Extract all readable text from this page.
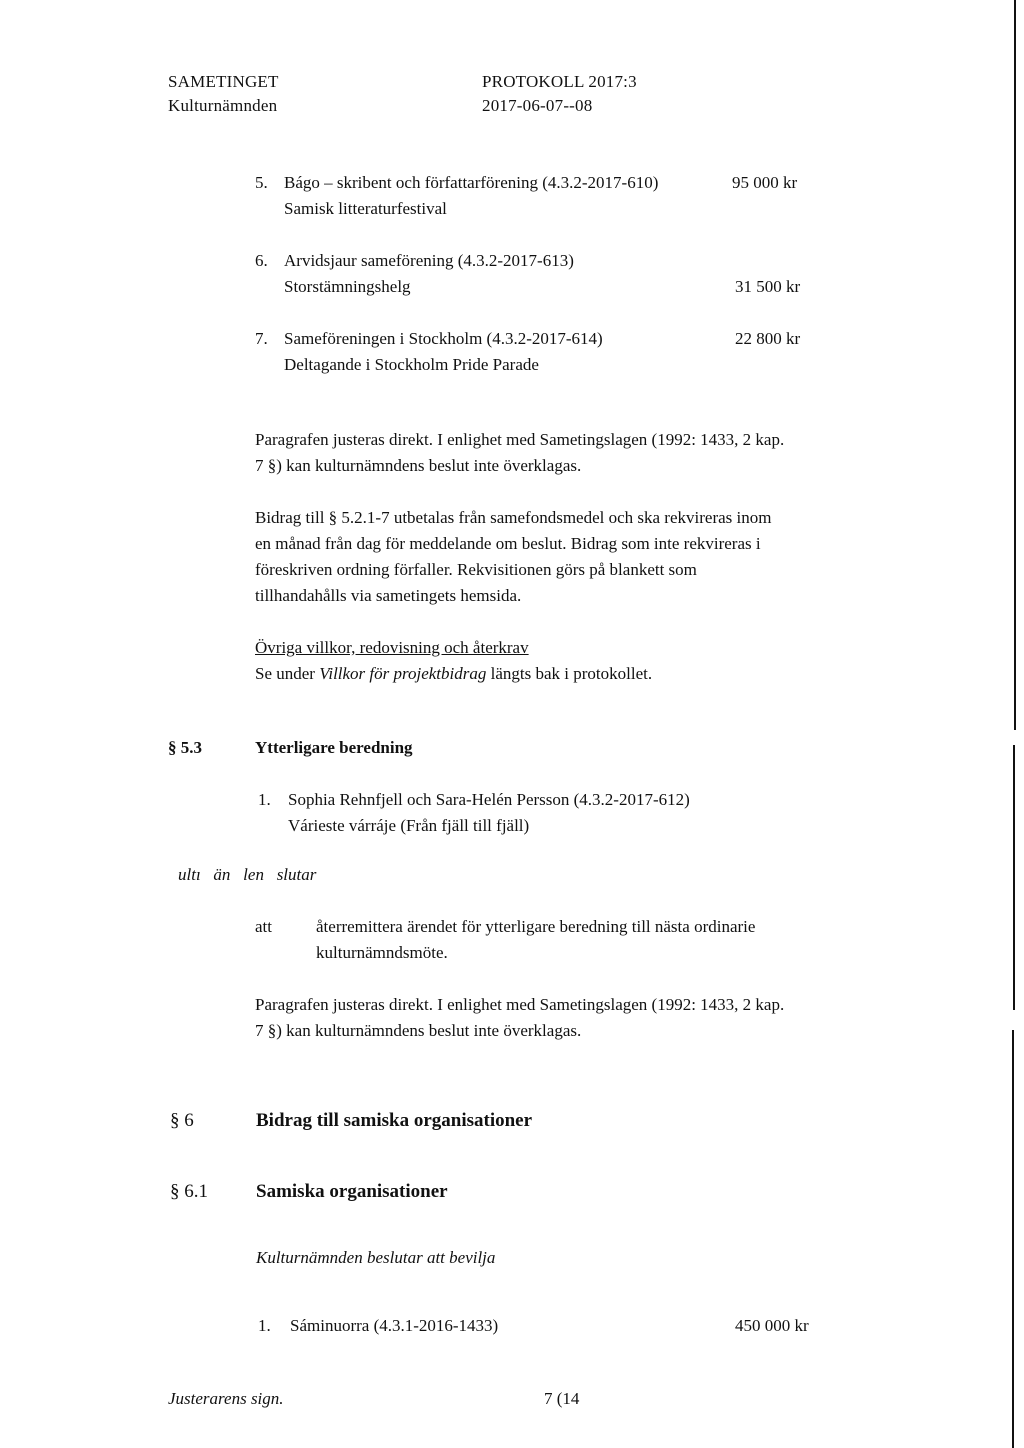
SAMETINGET
Kulturnämnden
PROTOKOLL 2017:3
2017-06-07--08
5. Bágo – skribent och författarförening (4.3.2-2017-610)	95 000 kr
Samisk litteraturfestival
6. Arvidsjaur sameförening (4.3.2-2017-613)
Storstämningshelg	31 500 kr
7. Sameföreningen i Stockholm (4.3.2-2017-614)	22 800 kr
Deltagande i Stockholm Pride Parade
Paragrafen justeras direkt. I enlighet med Sametingslagen (1992: 1433, 2 kap.
7 §) kan kulturnämndens beslut inte överklagas.
Bidrag till § 5.2.1-7 utbetalas från samefondsmedel och ska rekvireras inom
en månad från dag för meddelande om beslut. Bidrag som inte rekvireras i
föreskriven ordning förfaller. Rekvisitionen görs på blankett som
tillhandahålls via sametingets hemsida.
Övriga villkor, redovisning och återkrav
Se under Villkor för projektbidrag längts bak i protokollet.
§ 5.3	Ytterligare beredning
1. Sophia Rehnfjell och Sara-Helén Persson (4.3.2-2017-612)
Várieste várráje (Från fjäll till fjäll)
ultı   än   len   slutar
att	återremittera ärendet för ytterligare beredning till nästa ordinarie
kulturnämndsmöte.
Paragrafen justeras direkt. I enlighet med Sametingslagen (1992: 1433, 2 kap.
7 §) kan kulturnämndens beslut inte överklagas.
§ 6	Bidrag till samiska organisationer
§ 6.1	Samiska organisationer
Kulturnämnden beslutar att bevilja
1. Sáminuorra (4.3.1-2016-1433)	450 000 kr
Justerarens sign.	7 (14
